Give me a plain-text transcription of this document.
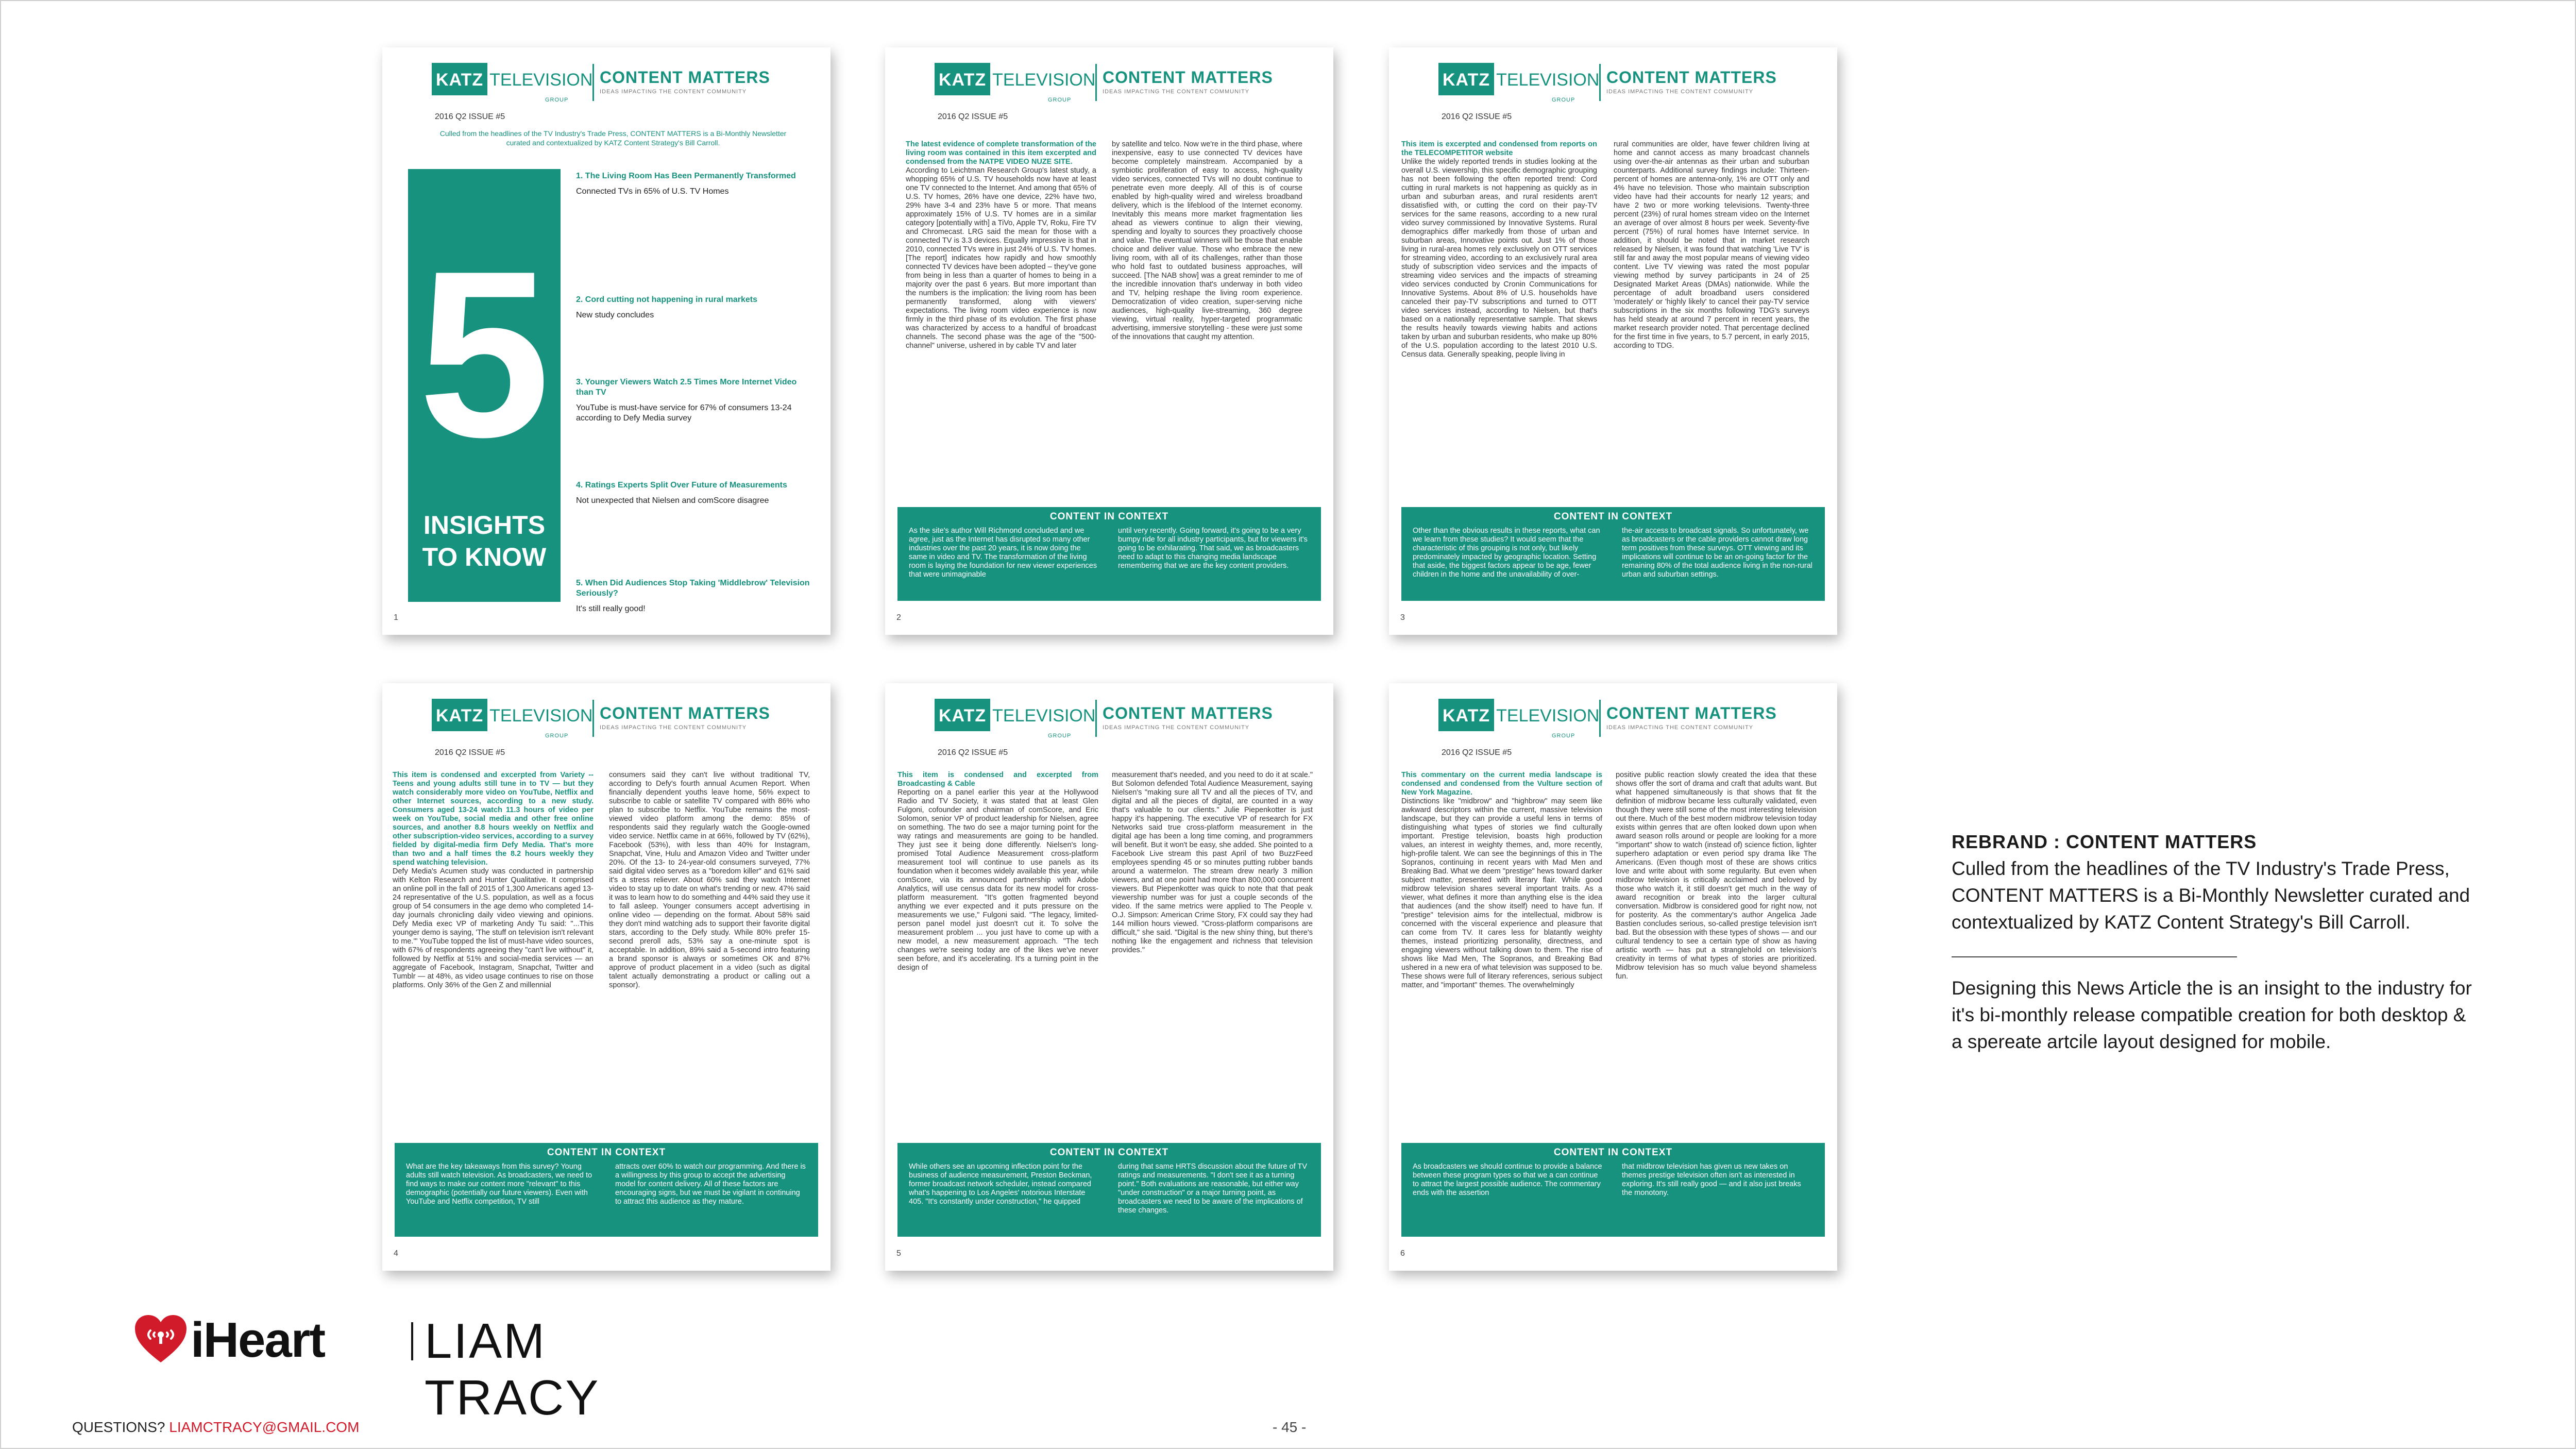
KATZ TELEVISION
GROUP
CONTENT MATTERS
IDEAS IMPACTING THE CONTENT COMMUNITY
2016 Q2 ISSUE #5
Culled from the headlines of the TV Industry's Trade Press, CONTENT MATTERS is a Bi-Monthly Newsletter curated and contextualized by KATZ Content Strategy's Bill Carroll.
5
INSIGHTS TO KNOW
1. The Living Room Has Been Permanently Transformed
Connected TVs in 65% of U.S. TV Homes
2. Cord cutting not happening in rural markets
New study concludes
3. Younger Viewers Watch 2.5 Times More Internet Video than TV
YouTube is must-have service for 67% of consumers 13-24 according to Defy Media survey
4. Ratings Experts Split Over Future of Measurements
Not unexpected that Nielsen and comScore disagree
5. When Did Audiences Stop Taking 'Middlebrow' Television Seriously?
It's still really good!
1
KATZ TELEVISION
GROUP
CONTENT MATTERS
IDEAS IMPACTING THE CONTENT COMMUNITY
2016 Q2 ISSUE #5
The latest evidence of complete transformation of the living room was contained in this item excerpted and condensed from the NATPE VIDEO NUZE SITE.
According to Leichtman Research Group's latest study, a whopping 65% of U.S. TV households now have at least one TV connected to the Internet. And among that 65% of U.S. TV homes, 26% have one device, 22% have two, 29% have 3-4 and 23% have 5 or more. That means approximately 15% of U.S. TV homes are in a similar category [potentially with] a TiVo, Apple TV, Roku, Fire TV and Chromecast. LRG said the mean for those with a connected TV is 3.3 devices. Equally impressive is that in 2010, connected TVs were in just 24% of U.S. TV homes. [The report] indicates how rapidly and how smoothly connected TV devices have been adopted – they've gone from being in less than a quarter of homes to being in a majority over the past 6 years. But more important than the numbers is the implication: the living room has been permanently transformed, along with viewers' expectations. The living room video experience is now firmly in the third phase of its evolution. The first phase was characterized by access to a handful of broadcast channels. The second phase was the age of the "500-channel" universe, ushered in by cable TV and later
by satellite and telco. Now we're in the third phase, where inexpensive, easy to use connected TV devices have become completely mainstream. Accompanied by a symbiotic proliferation of easy to access, high-quality video services, connected TVs will no doubt continue to penetrate even more deeply. All of this is of course enabled by high-quality wired and wireless broadband delivery, which is the lifeblood of the Internet economy. Inevitably this means more market fragmentation lies ahead as viewers continue to align their viewing, spending and loyalty to sources they proactively choose and value. The eventual winners will be those that enable choice and deliver value. Those who embrace the new living room, with all of its challenges, rather than those who hold fast to outdated business approaches, will succeed. [The NAB show] was a great reminder to me of the incredible innovation that's underway in both video and TV, helping reshape the living room experience. Democratization of video creation, super-serving niche audiences, high-quality live-streaming, 360 degree viewing, virtual reality, hyper-targeted programmatic advertising, immersive storytelling - these were just some of the innovations that caught my attention.
CONTENT IN CONTEXT
As the site's author Will Richmond concluded and we agree, just as the Internet has disrupted so many other industries over the past 20 years, it is now doing the same in video and TV. The transformation of the living room is laying the foundation for new viewer experiences that were unimaginable
until very recently. Going forward, it's going to be a very bumpy ride for all industry participants, but for viewers it's going to be exhilarating. That said, we as broadcasters need to adapt to this changing media landscape remembering that we are the key content providers.
2
KATZ TELEVISION
GROUP
CONTENT MATTERS
IDEAS IMPACTING THE CONTENT COMMUNITY
2016 Q2 ISSUE #5
This item is excerpted and condensed from reports on the TELECOMPETITOR website
Unlike the widely reported trends in studies looking at the overall U.S. viewership, this specific demographic grouping has not been following the often reported trend: Cord cutting in rural markets is not happening as quickly as in urban and suburban areas, and rural residents aren't dissatisfied with, or cutting the cord on their pay-TV services for the same reasons, according to a new rural video survey commissioned by Innovative Systems. Rural demographics differ markedly from those of urban and suburban areas, Innovative points out. Just 1% of those living in rural-area homes rely exclusively on OTT services for streaming video, according to an exclusively rural area study of subscription video services and the impacts of streaming video services and the impacts of streaming video services conducted by Cronin Communications for Innovative Systems. About 8% of U.S. households have canceled their pay-TV subscriptions and turned to OTT video services instead, according to Nielsen, but that's based on a nationally representative sample. That skews the results heavily towards viewing habits and actions taken by urban and suburban residents, who make up 80% of the U.S. population according to the latest 2010 U.S. Census data. Generally speaking, people living in
rural communities are older, have fewer children living at home and cannot access as many broadcast channels using over-the-air antennas as their urban and suburban counterparts. Additional survey findings include: Thirteen-percent of homes are antenna-only, 1% are OTT only and 4% have no television. Those who maintain subscription video have had their accounts for nearly 12 years; and have 2 two or more working televisions. Twenty-three percent (23%) of rural homes stream video on the Internet an average of over almost 8 hours per week. Seventy-five percent (75%) of rural homes have Internet service. In addition, it should be noted that in market research released by Nielsen, it was found that watching 'Live TV' is still far and away the most popular means of viewing video content. Live TV viewing was rated the most popular viewing method by survey participants in 24 of 25 Designated Market Areas (DMAs) nationwide. While the percentage of adult broadband users considered 'moderately' or 'highly likely' to cancel their pay-TV service subscriptions in the six months following TDG's surveys has held steady at around 7 percent in recent years, the market research provider noted. That percentage declined for the first time in five years, to 5.7 percent, in early 2015, according to TDG.
CONTENT IN CONTEXT
Other than the obvious results in these reports, what can we learn from these studies? It would seem that the characteristic of this grouping is not only, but likely predominately impacted by geographic location. Setting that aside, the biggest factors appear to be age, fewer children in the home and the unavailability of over-
the-air access to broadcast signals. So unfortunately, we as broadcasters or the cable providers cannot draw long term positives from these surveys. OTT viewing and its implications will continue to be an on-going factor for the remaining 80% of the total audience living in the non-rural urban and suburban settings.
3
KATZ TELEVISION
GROUP
CONTENT MATTERS
IDEAS IMPACTING THE CONTENT COMMUNITY
2016 Q2 ISSUE #5
This item is condensed and excerpted from Variety -- Teens and young adults still tune in to TV — but they watch considerably more video on YouTube, Netflix and other Internet sources, according to a new study. Consumers aged 13-24 watch 11.3 hours of video per week on YouTube, social media and other free online sources, and another 8.8 hours weekly on Netflix and other subscription-video services, according to a survey fielded by digital-media firm Defy Media. That's more than two and a half times the 8.2 hours weekly they spend watching television.
Defy Media's Acumen study was conducted in partnership with Kelton Research and Hunter Qualitative. It comprised an online poll in the fall of 2015 of 1,300 Americans aged 13-24 representative of the U.S. population, as well as a focus group of 54 consumers in the age demo who completed 14-day journals chronicling daily video viewing and opinions. Defy Media exec VP of marketing Andy Tu said: "...This younger demo is saying, 'The stuff on television isn't relevant to me.'" YouTube topped the list of must-have video sources, with 67% of respondents agreeing they "can't live without" it, followed by Netflix at 51% and social-media services — an aggregate of Facebook, Instagram, Snapchat, Twitter and Tumblr — at 48%, as video usage continues to rise on those platforms. Only 36% of the Gen Z and millennial
consumers said they can't live without traditional TV, according to Defy's fourth annual Acumen Report. When financially dependent youths leave home, 56% expect to subscribe to cable or satellite TV compared with 86% who plan to subscribe to Netflix. YouTube remains the most-viewed video platform among the demo: 85% of respondents said they regularly watch the Google-owned video service. Netflix came in at 66%, followed by TV (62%), Facebook (53%), with less than 40% for Instagram, Snapchat, Vine, Hulu and Amazon Video and Twitter under 20%. Of the 13- to 24-year-old consumers surveyed, 77% said digital video serves as a "boredom killer" and 61% said it's a stress reliever. About 60% said they watch Internet video to stay up to date on what's trending or new. 47% said it was to learn how to do something and 44% said they use it to fall asleep. Younger consumers accept advertising in online video — depending on the format. About 58% said they don't mind watching ads to support their favorite digital stars, according to the Defy study. While 80% prefer 15-second preroll ads, 53% say a one-minute spot is acceptable. In addition, 89% said a 5-second intro featuring a brand sponsor is always or sometimes OK and 87% approve of product placement in a video (such as digital talent actually demonstrating a product or calling out a sponsor).
CONTENT IN CONTEXT
What are the key takeaways from this survey? Young adults still watch television. As broadcasters, we need to find ways to make our content more "relevant" to this demographic (potentially our future viewers). Even with YouTube and Netflix competition, TV still
attracts over 60% to watch our programming. And there is a willingness by this group to accept the advertising model for content delivery. All of these factors are encouraging signs, but we must be vigilant in continuing to attract this audience as they mature.
4
KATZ TELEVISION
GROUP
CONTENT MATTERS
IDEAS IMPACTING THE CONTENT COMMUNITY
2016 Q2 ISSUE #5
This item is condensed and excerpted from Broadcasting & Cable
Reporting on a panel earlier this year at the Hollywood Radio and TV Society, it was stated that at least Glen Fulgoni, cofounder and chairman of comScore, and Eric Solomon, senior VP of product leadership for Nielsen, agree on something. The two do see a major turning point for the way ratings and measurements are going to be handled. They just see it being done differently. Nielsen's long-promised Total Audience Measurement cross-platform measurement tool will continue to use panels as its foundation when it becomes widely available this year, while comScore, via its announced partnership with Adobe Analytics, will use census data for its new model for cross-platform measurement. "It's gotten fragmented beyond anything we ever expected and it puts pressure on the measurements we use," Fulgoni said. "The legacy, limited-person panel model just doesn't cut it. To solve the measurement problem ... you just have to come up with a new model, a new measurement approach. "The tech changes we're seeing today are of the likes we've never seen before, and it's accelerating. It's a turning point in the design of
measurement that's needed, and you need to do it at scale." But Solomon defended Total Audience Measurement, saying Nielsen's "making sure all TV and all the pieces of TV, and digital and all the pieces of digital, are counted in a way that's valuable to our clients." Julie Piepenkotter is just happy it's happening. The executive VP of research for FX Networks said true cross-platform measurement in the digital age has been a long time coming, and programmers will benefit. But it won't be easy, she added. She pointed to a Facebook Live stream this past April of two BuzzFeed employees spending 45 or so minutes putting rubber bands around a watermelon. The stream drew nearly 3 million viewers, and at one point had more than 800,000 concurrent viewers. But Piepenkotter was quick to note that that peak viewership number was for just a couple seconds of the video. If the same metrics were applied to The People v. O.J. Simpson: American Crime Story, FX could say they had 144 million hours viewed. "Cross-platform comparisons are difficult," she said. "Digital is the new shiny thing, but there's nothing like the engagement and richness that television provides."
CONTENT IN CONTEXT
While others see an upcoming inflection point for the business of audience measurement, Preston Beckman, former broadcast network scheduler, instead compared what's happening to Los Angeles' notorious Interstate 405. "It's constantly under construction," he quipped
during that same HRTS discussion about the future of TV ratings and measurements. "I don't see it as a turning point." Both evaluations are reasonable, but either way "under construction" or a major turning point, as broadcasters we need to be aware of the implications of these changes.
5
KATZ TELEVISION
GROUP
CONTENT MATTERS
IDEAS IMPACTING THE CONTENT COMMUNITY
2016 Q2 ISSUE #5
This commentary on the current media landscape is condensed and condensed from the Vulture section of New York Magazine.
Distinctions like "midbrow" and "highbrow" may seem like awkward descriptors within the current, massive television landscape, but they can provide a useful lens in terms of distinguishing what types of stories we find culturally important. Prestige television, boasts high production values, an interest in weighty themes, and, more recently, high-profile talent. We can see the beginnings of this in The Sopranos, continuing in recent years with Mad Men and Breaking Bad. What we deem "prestige" hews toward darker subject matter, presented with literary flair. While good midbrow television shares several important traits. As a viewer, what defines it more than anything else is the idea that audiences (and the show itself) need to have fun. If "prestige" television aims for the intellectual, midbrow is concerned with the visceral experience and pleasure that can come from TV. It cares less for blatantly weighty themes, instead prioritizing personality, directness, and engaging viewers without talking down to them. The rise of shows like Mad Men, The Sopranos, and Breaking Bad ushered in a new era of what television was supposed to be. These shows were full of literary references, serious subject matter, and "important" themes. The overwhelmingly
positive public reaction slowly created the idea that these shows offer the sort of drama and craft that adults want. But what happened simultaneously is that shows that fit the definition of midbrow became less culturally validated, even though they were still some of the most interesting television out there. Much of the best modern midbrow television today exists within genres that are often looked down upon when award season rolls around or people are looking for a more "important" show to watch (instead of) science fiction, lighter superhero adaptation or even period spy drama like The Americans. (Even though most of these are shows critics love and write about with some regularity. But even when midbrow television is critically acclaimed and beloved by those who watch it, it still doesn't get much in the way of award recognition or break into the larger cultural conversation. Midbrow is considered good for right now, not for posterity. As the commentary's author Angelica Jade Bastien concludes serious, so-called prestige television isn't bad. But the obsession with these types of shows — and our cultural tendency to see a certain type of show as having artistic worth — has put a stranglehold on television's creativity in terms of what types of stories are prioritized. Midbrow television has so much value beyond shameless fun.
CONTENT IN CONTEXT
As broadcasters we should continue to provide a balance between these program types so that we a can continue to attract the largest possible audience. The commentary ends with the assertion
that midbrow television has given us new takes on themes prestige television often isn't as interested in exploring. It's still really good — and it also just breaks the monotony.
6
REBRAND : CONTENT MATTERS
Culled from the headlines of the TV Industry's Trade Press, CONTENT MATTERS is a Bi-Monthly Newsletter curated and contextualized by KATZ Content Strategy's Bill Carroll.
Designing this News Article the is an insight to the industry for it's bi-monthly release compatible creation for both desktop & a spereate artcile layout designed for mobile.
iHeart LIAM TRACY
QUESTIONS? LIAMCTRACY@GMAIL.COM	- 45 -
